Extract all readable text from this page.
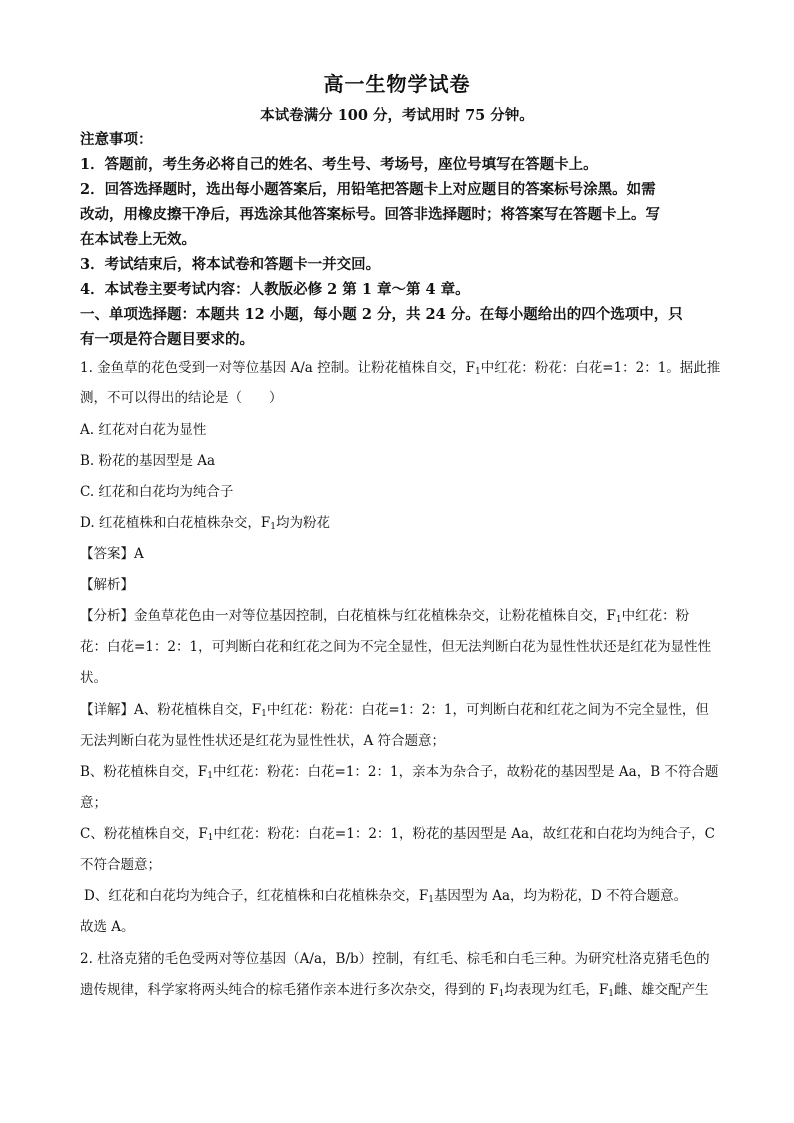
高一生物学试卷
本试卷满分 100 分，考试用时 75 分钟。
注意事项：
1．答题前，考生务必将自己的姓名、考生号、考场号，座位号填写在答题卡上。
2．回答选择题时，选出每小题答案后，用铅笔把答题卡上对应题目的答案标号涂黑。如需
改动，用橡皮擦干净后，再选涂其他答案标号。回答非选择题时；将答案写在答题卡上。写
在本试卷上无效。
3．考试结束后，将本试卷和答题卡一并交回。
4．本试卷主要考试内容：人教版必修 2 第 1 章～第 4 章。
一、单项选择题：本题共 12 小题，每小题 2 分，共 24 分。在每小题给出的四个选项中，只
有一项是符合题目要求的。
1. 金鱼草的花色受到一对等位基因 A/a 控制。让粉花植株自交，$F_1$中红花：粉花：白花=1：2：1。据此推
测，不可以得出的结论是（　　）
A. 红花对白花为显性
B. 粉花的基因型是 Aa
C. 红花和白花均为纯合子
D. 红花植株和白花植株杂交，$F_1$均为粉花
【答案】A
【解析】
【分析】金鱼草花色由一对等位基因控制，白花植株与红花植株杂交，让粉花植株自交，$F_1$中红花：粉
花：白花=1：2：1，可判断白花和红花之间为不完全显性，但无法判断白花为显性性状还是红花为显性性
状。
【详解】A、粉花植株自交，$F_1$中红花：粉花：白花=1：2：1，可判断白花和红花之间为不完全显性，但
无法判断白花为显性性状还是红花为显性性状，A 符合题意；
B、粉花植株自交，$F_1$中红花：粉花：白花=1：2：1，亲本为杂合子，故粉花的基因型是 Aa，B 不符合题
意；
C、粉花植株自交，$F_1$中红花：粉花：白花=1：2：1，粉花的基因型是 Aa，故红花和白花均为纯合子，C
不符合题意；
D、红花和白花均为纯合子，红花植株和白花植株杂交，$F_1$基因型为 Aa，均为粉花，D 不符合题意。
故选 A。
2. 杜洛克猪的毛色受两对等位基因（A/a，B/b）控制，有红毛、棕毛和白毛三种。为研究杜洛克猪毛色的
遗传规律，科学家将两头纯合的棕毛猪作亲本进行多次杂交，得到的 $F_1$均表现为红毛，$F_1$雌、雄交配产生
